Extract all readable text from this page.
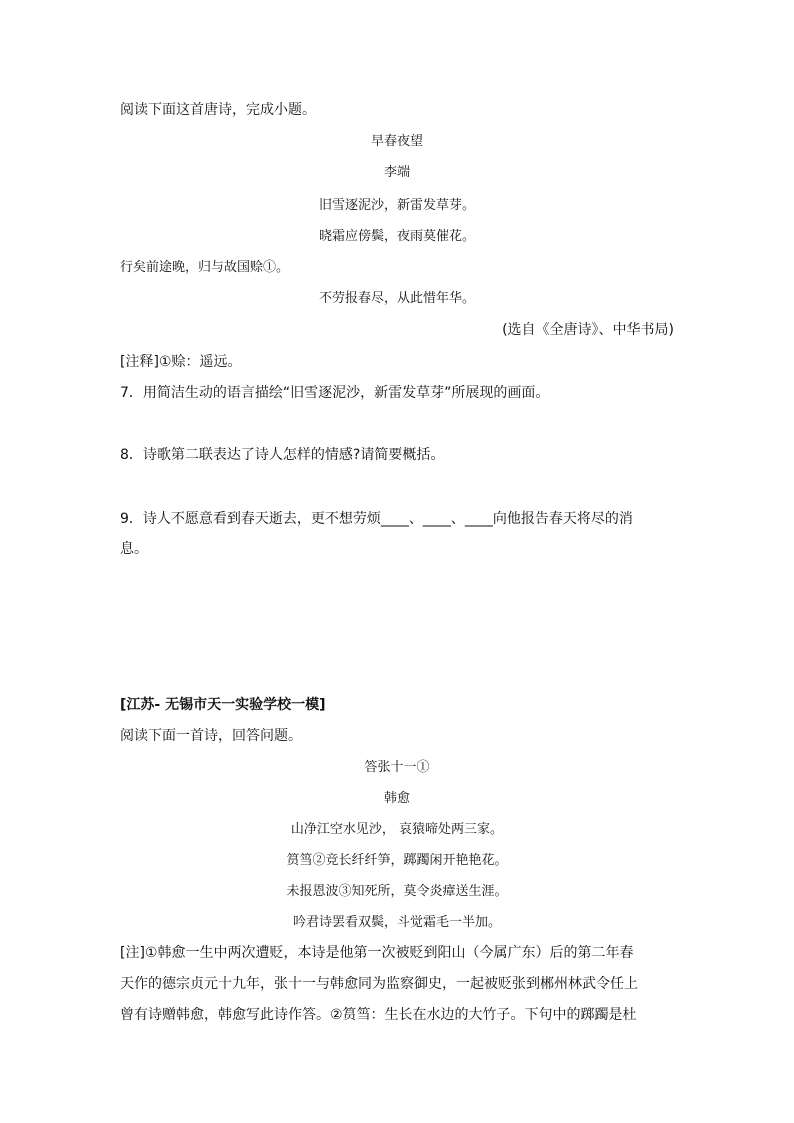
阅读下面这首唐诗，完成小题。
早春夜望
李端
旧雪逐泥沙，新雷发草芽。
晓霜应傍鬓，夜雨莫催花。
行矣前途晚，归与故国赊①。
不劳报春尽，从此惜年华。
(选自《全唐诗》、中华书局)
[注释]①赊：遥远。
7．用简洁生动的语言描绘“旧雪逐泥沙，新雷发草芽”所展现的画面。
8．诗歌第二联表达了诗人怎样的情感?请简要概括。
9．诗人不愿意看到春天逝去，更不想劳烦____、____、____向他报告春天将尽的消
息。
[江苏- 无锡市天一实验学校一模]
阅读下面一首诗，回答问题。
答张十一①
韩愈
山净江空水见沙， 哀猿啼处两三家。
筼筜②竞长纤纤笋，踯躅闲开艳艳花。
未报恩波③知死所，莫令炎瘴送生涯。
吟君诗罢看双鬓，斗觉霜毛一半加。
[注]①韩愈一生中两次遭贬，本诗是他第一次被贬到阳山（今属广东）后的第二年春
天作的德宗贞元十九年，张十一与韩愈同为监察御史，一起被贬张到郴州林武令任上
曾有诗赠韩愈，韩愈写此诗作答。②筼筜：生长在水边的大竹子。下句中的踯躅是杜
